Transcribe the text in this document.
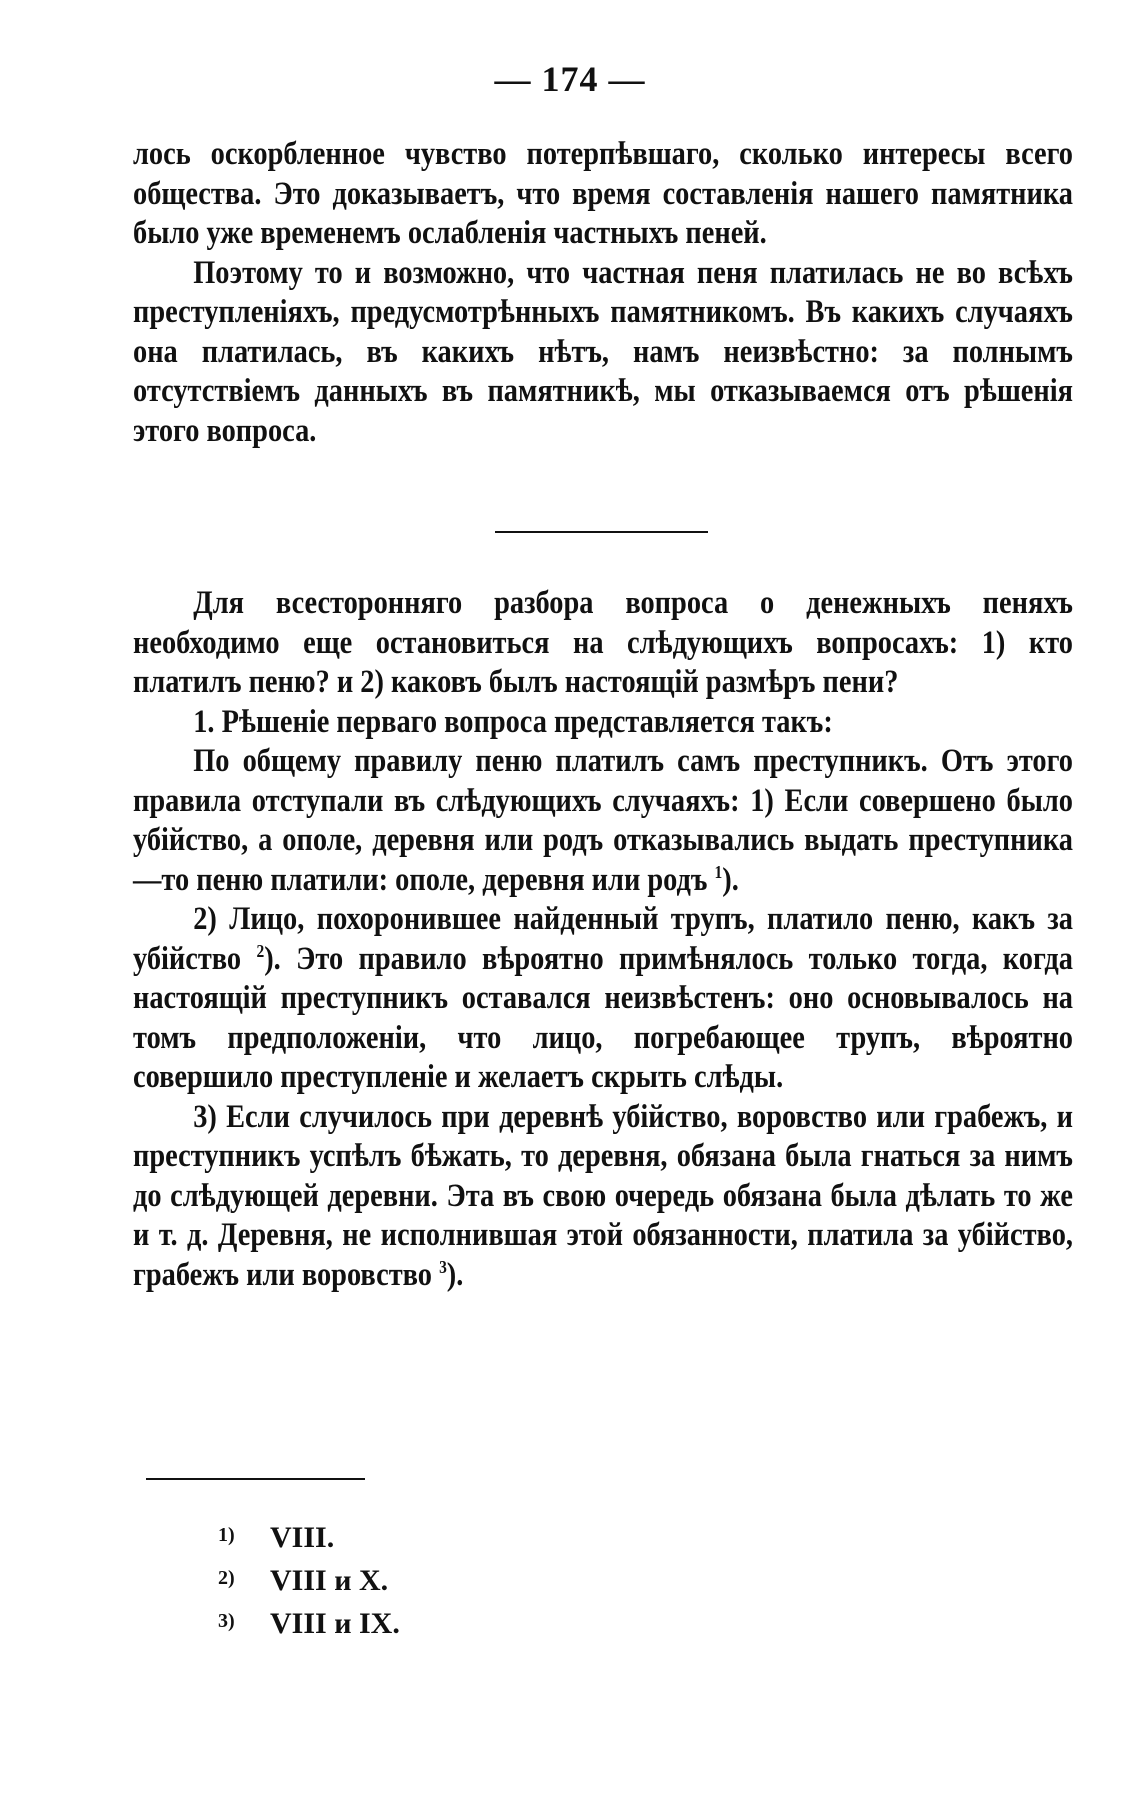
— 174 —

лось оскорбленное чувство потерпѣвшаго, сколько интересы всего общества. Это доказываетъ, что время составленія нашего памятника было уже временемъ ослабленія частныхъ пеней.

Поэтому то и возможно, что частная пеня платилась не во всѣхъ преступленіяхъ, предусмотрѣнныхъ памятникомъ. Въ какихъ случаяхъ она платилась, въ какихъ нѣтъ, намъ неизвѣстно: за полнымъ отсутствіемъ данныхъ въ памятникѣ, мы отказываемся отъ рѣшенія этого вопроса.

Для всесторонняго разбора вопроса о денежныхъ пеняхъ необходимо еще остановиться на слѣдующихъ вопросахъ: 1) кто платилъ пеню? и 2) каковъ былъ настоящій размѣръ пени?

1. Рѣшеніе перваго вопроса представляется такъ:

По общему правилу пеню платилъ самъ преступникъ. Отъ этого правила отступали въ слѣдующихъ случаяхъ: 1) Если совершено было убійство, а ополе, деревня или родъ отказывались выдать преступника—то пеню платили: ополе, деревня или родъ $^1$).

2) Лицо, похоронившее найденный трупъ, платило пеню, какъ за убійство $^2$). Это правило вѣроятно примѣнялось только тогда, когда настоящій преступникъ оставался неизвѣстенъ: оно основывалось на томъ предположеніи, что лицо, погребающее трупъ, вѣроятно совершило преступленіе и желаетъ скрыть слѣды.

3) Если случилось при деревнѣ убійство, воровство или грабежъ, и преступникъ успѣлъ бѣжать, то деревня, обязана была гнаться за нимъ до слѣдующей деревни. Эта въ свою очередь обязана была дѣлать то же и т. д. Деревня, не исполнившая этой обязанности, платила за убійство, грабежъ или воровство $^3$).

1)	VIII.
2)	VIII и X.
3)	VIII и IX.
